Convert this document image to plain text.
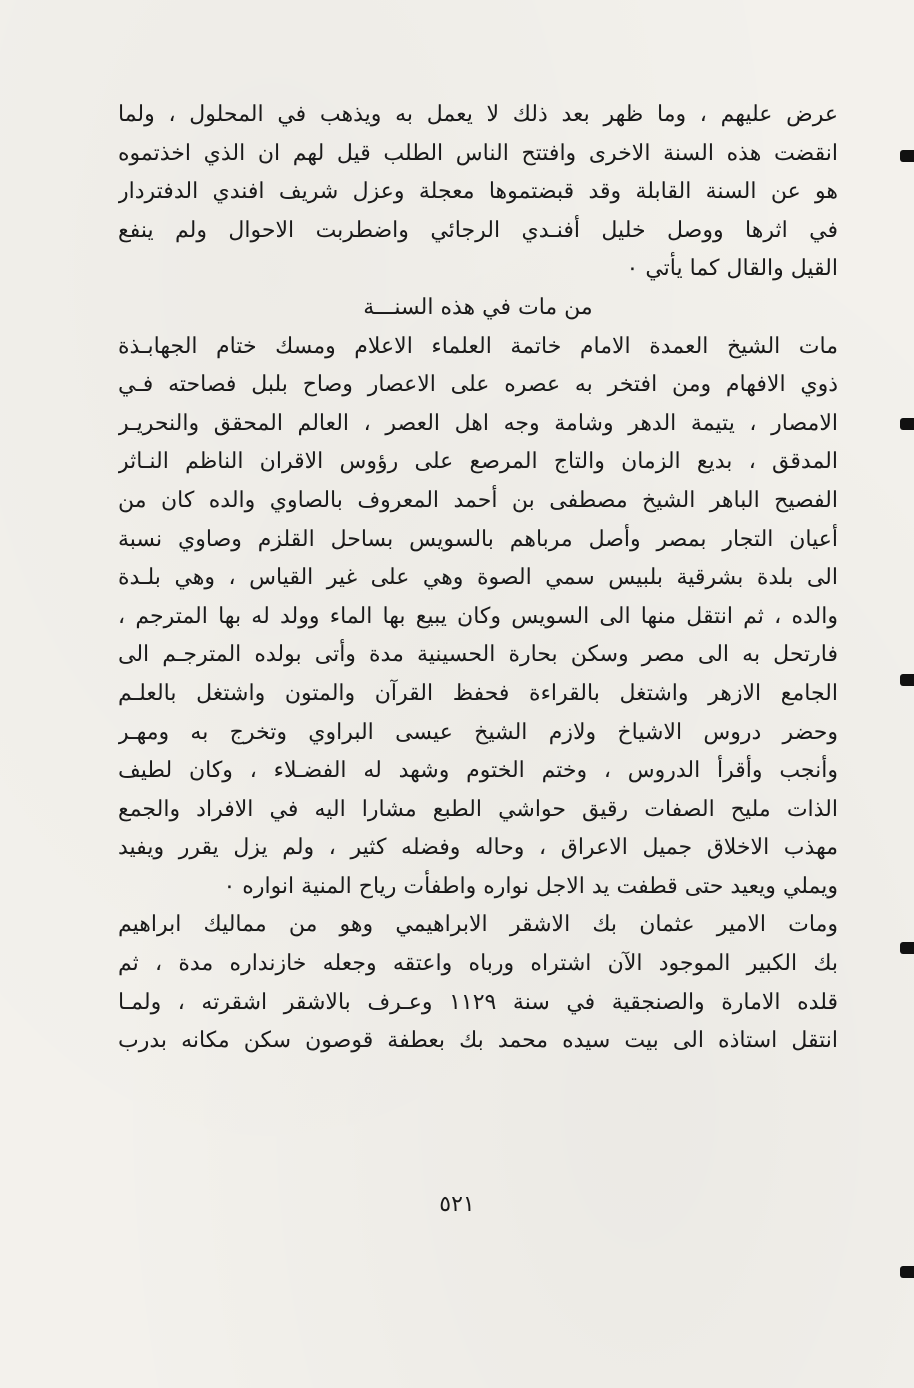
عرض عليهم ، وما ظهر بعد ذلك لا يعمل به ويذهب في المحلول ، ولما
انقضت هذه السنة الاخرى وافتتح الناس الطلب قيل لهم ان الذي اخذتموه
هو عن السنة القابلة وقد قبضتموها معجلة وعزل شريف افندي الدفتردار
في اثرها ووصل خليل أفنـدي الرجائي واضطربت الاحوال ولم ينفع
القيل والقال كما يأتي ٠
من مات في هذه السنـــة
مات الشيخ العمدة الامام خاتمة العلماء الاعلام ومسك ختام الجهابـذة
ذوي الافهام ومن افتخر به عصره على الاعصار وصاح بلبل فصاحته فـي
الامصار ، يتيمة الدهر وشامة وجه اهل العصر ، العالم المحقق والنحريـر
المدقق ، بديع الزمان والتاج المرصع على رؤوس الاقران الناظم النـاثر
الفصيح الباهر الشيخ مصطفى بن أحمد المعروف بالصاوي والده كان من
أعيان التجار بمصر وأصل مرباهم بالسويس بساحل القلزم وصاوي نسبة
الى بلدة بشرقية بلبيس سمي الصوة وهي على غير القياس ، وهي بلـدة
والده ، ثم انتقل منها الى السويس وكان يبيع بها الماء وولد له بها المترجم ،
فارتحل به الى مصر وسكن بحارة الحسينية مدة وأتى بولده المترجـم الى
الجامع الازهر واشتغل بالقراءة فحفظ القرآن والمتون واشتغل بالعلـم
وحضر دروس الاشياخ ولازم الشيخ عيسى البراوي وتخرج به ومهـر
وأنجب وأقرأ الدروس ، وختم الختوم وشهد له الفضـلاء ، وكان لطيف
الذات مليح الصفات رقيق حواشي الطبع مشارا اليه في الافراد والجمع
مهذب الاخلاق جميل الاعراق ، وحاله وفضله كثير ، ولم يزل يقرر ويفيد
ويملي ويعيد حتى قطفت يد الاجل نواره واطفأت رياح المنية انواره ٠
ومات الامير عثمان بك الاشقر الابراهيمي وهو من مماليك ابراهيم
بك الكبير الموجود الآن اشتراه ورباه واعتقه وجعله خازنداره مدة ، ثم
قلده الامارة والصنجقية في سنة ١١٢٩ وعـرف بالاشقر اشقرته ، ولمـا
انتقل استاذه الى بيت سيده محمد بك بعطفة قوصون سكن مكانه بدرب
٥٢١
